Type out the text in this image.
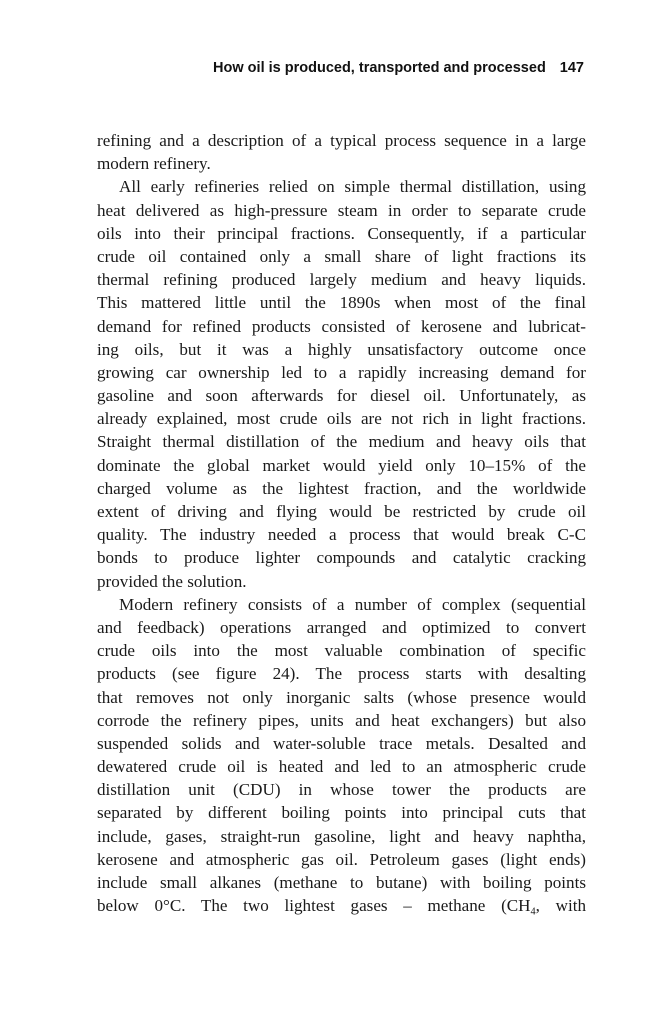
How oil is produced, transported and processed 147
refining and a description of a typical process sequence in a large
modern refinery.
All early refineries relied on simple thermal distillation, using
heat delivered as high-pressure steam in order to separate crude
oils into their principal fractions. Consequently, if a particular
crude oil contained only a small share of light fractions its
thermal refining produced largely medium and heavy liquids.
This mattered little until the 1890s when most of the final
demand for refined products consisted of kerosene and lubricat-
ing oils, but it was a highly unsatisfactory outcome once
growing car ownership led to a rapidly increasing demand for
gasoline and soon afterwards for diesel oil. Unfortunately, as
already explained, most crude oils are not rich in light fractions.
Straight thermal distillation of the medium and heavy oils that
dominate the global market would yield only 10–15% of the
charged volume as the lightest fraction, and the worldwide
extent of driving and flying would be restricted by crude oil
quality. The industry needed a process that would break C-C
bonds to produce lighter compounds and catalytic cracking
provided the solution.
Modern refinery consists of a number of complex (sequential
and feedback) operations arranged and optimized to convert
crude oils into the most valuable combination of specific
products (see figure 24). The process starts with desalting
that removes not only inorganic salts (whose presence would
corrode the refinery pipes, units and heat exchangers) but also
suspended solids and water-soluble trace metals. Desalted and
dewatered crude oil is heated and led to an atmospheric crude
distillation unit (CDU) in whose tower the products are
separated by different boiling points into principal cuts that
include, gases, straight-run gasoline, light and heavy naphtha,
kerosene and atmospheric gas oil. Petroleum gases (light ends)
include small alkanes (methane to butane) with boiling points
below 0°C. The two lightest gases – methane ($CH_4$, with
